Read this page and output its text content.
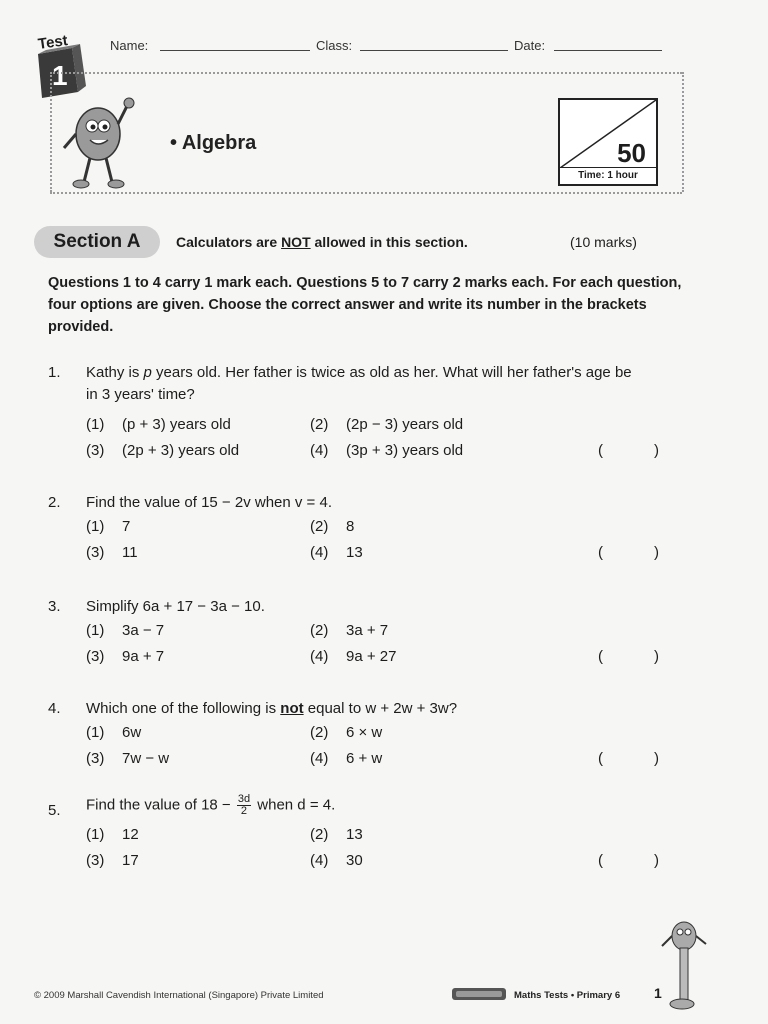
Test
1
Name:	Class:	Date:
• Algebra	50
Time: 1 hour
Section A	Calculators are NOT allowed in this section.	(10 marks)
Questions 1 to 4 carry 1 mark each. Questions 5 to 7 carry 2 marks each. For each question, four options are given. Choose the correct answer and write its number in the brackets provided.
1. Kathy is p years old. Her father is twice as old as her. What will her father's age be in 3 years' time?
(1)	(p + 3) years old	(2)	(2p − 3) years old
(3)	(2p + 3) years old	(4)	(3p + 3) years old	(	)
2. Find the value of 15 − 2v when v = 4.
(1)	7	(2)	8
(3)	11	(4)	13	(	)
3. Simplify 6a + 17 − 3a − 10.
(1)	3a − 7	(2)	3a + 7
(3)	9a + 7	(4)	9a + 27	(	)
4. Which one of the following is not equal to w + 2w + 3w?
(1)	6w	(2)	6 × w
(3)	7w − w	(4)	6 + w	(	)
5. Find the value of $18 - \frac{3d}{2}$ when d = 4.
(1)	12	(2)	13
(3)	17	(4)	30	(	)
© 2009 Marshall Cavendish International (Singapore) Private Limited	Maths Tests • Primary 6 1
